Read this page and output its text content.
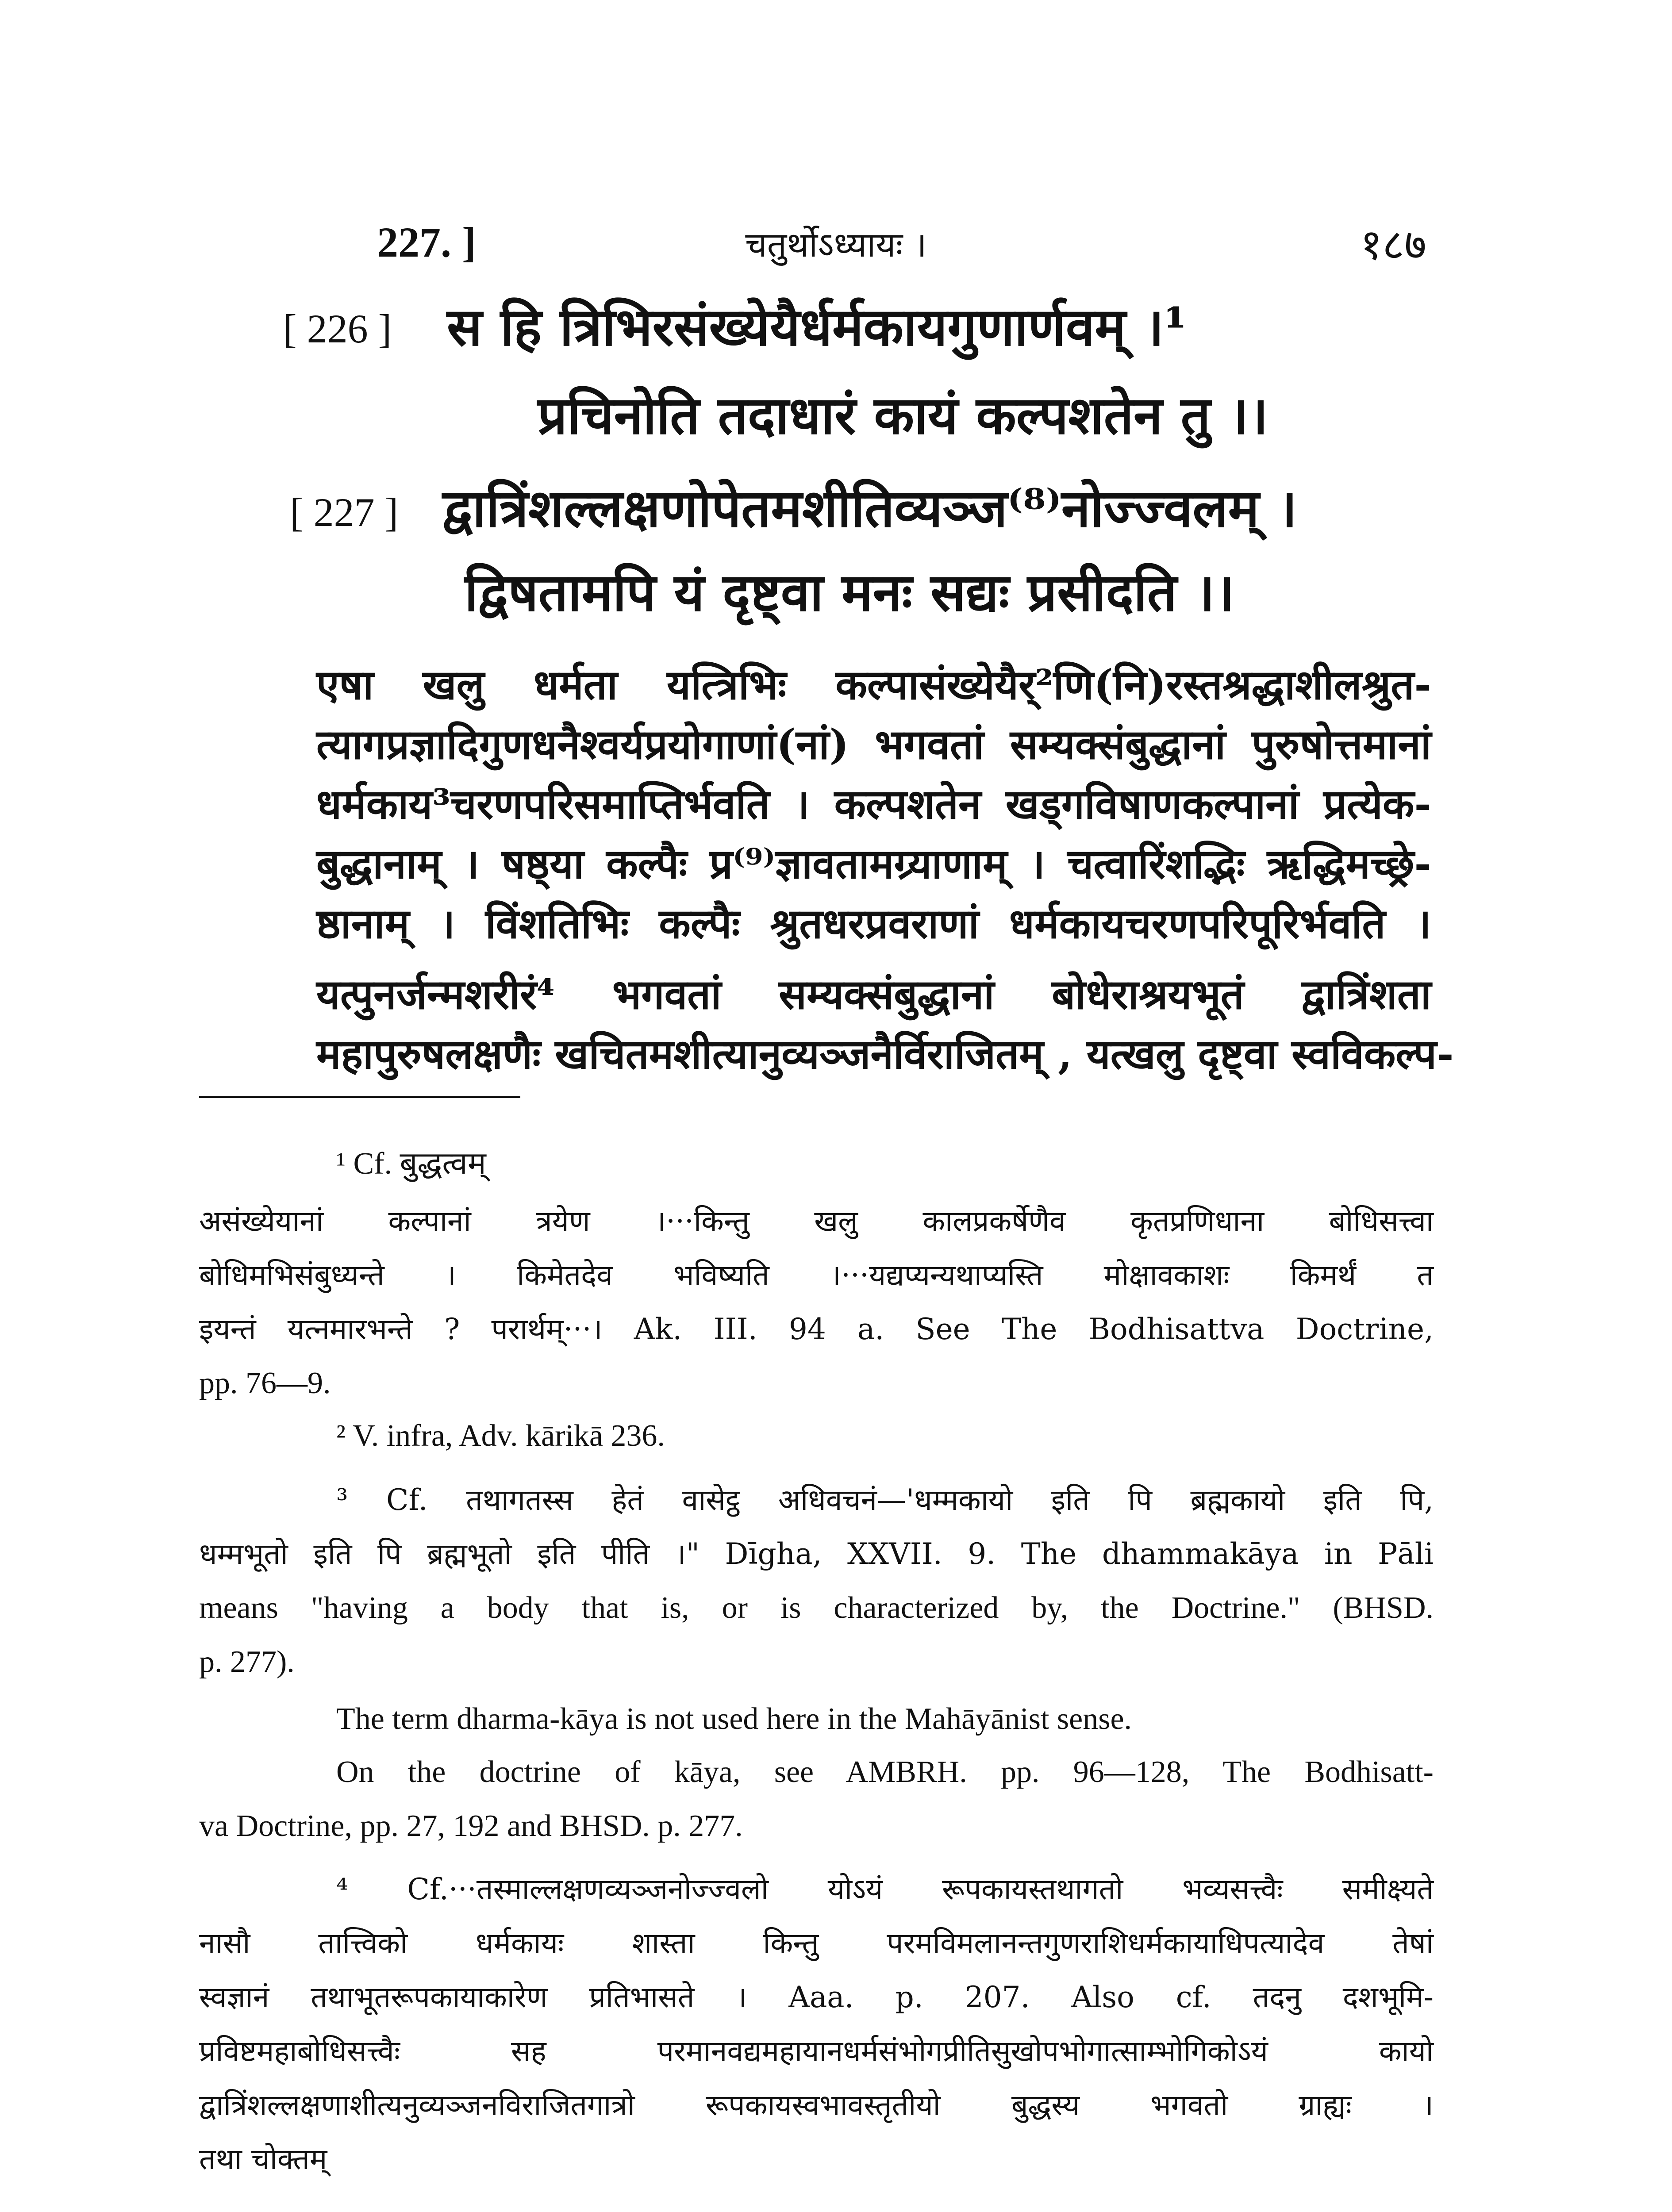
227. ]	चतुर्थोऽध्यायः ।	१८७
[ 226 ] स हि त्रिभिरसंख्येयैर्धर्मकायगुणार्णवम् ।¹
प्रचिनोति तदाधारं कायं कल्पशतेन तु ।।
[ 227 ] द्वात्रिंशल्लक्षणोपेतमशीतिव्यञ्ज⁽⁸⁾नोज्ज्वलम् ।
द्विषतामपि यं दृष्ट्वा मनः सद्यः प्रसीदति ।।
एषा खलु धर्मता यत्त्रिभिः कल्पासंख्येयैर्²णि(नि)रस्तश्रद्धाशीलश्रुत-
त्यागप्रज्ञादिगुणधनैश्वर्यप्रयोगाणां(नां) भगवतां सम्यक्संबुद्धानां पुरुषोत्तमानां
धर्मकाय³चरणपरिसमाप्तिर्भवति । कल्पशतेन खड्गविषाणकल्पानां प्रत्येक-
बुद्धानाम् । षष्ठ्या कल्पैः प्र⁽⁹⁾ज्ञावतामग्र्याणाम् । चत्वारिंशद्भिः ऋद्धिमच्छ्रे-
ष्ठानाम् । विंशतिभिः कल्पैः श्रुतधरप्रवराणां धर्मकायचरणपरिपूरिर्भवति ।
यत्पुनर्जन्मशरीरं⁴ भगवतां सम्यक्संबुद्धानां बोधेराश्रयभूतं द्वात्रिंशता
महापुरुषलक्षणैः खचितमशीत्यानुव्यञ्जनैर्विराजितम् , यत्खलु दृष्ट्वा स्वविकल्प-
¹ Cf. बुद्धत्वम्
असंख्येयानां कल्पानां त्रयेण ।···किन्तु खलु कालप्रकर्षेणैव कृतप्रणिधाना बोधिसत्त्वा
बोधिमभिसंबुध्यन्ते । किमेतदेव भविष्यति ।···यद्यप्यन्यथाप्यस्ति मोक्षावकाशः किमर्थं त
इयन्तं यत्नमारभन्ते ? परार्थम्···। Ak. III. 94 a. See The Bodhisattva Doctrine,
pp. 76—9.
² V. infra, Adv. kārikā 236.
³ Cf. तथागतस्स हेतं वासेट्ठ अधिवचनं—'धम्मकायो इति पि ब्रह्मकायो इति पि,
धम्मभूतो इति पि ब्रह्मभूतो इति पीति ।" Dīgha, XXVII. 9. The dhammakāya in Pāli
means "having a body that is, or is characterized by, the Doctrine." (BHSD.
p. 277).
The term dharma-kāya is not used here in the Mahāyānist sense.
On the doctrine of kāya, see AMBRH. pp. 96—128, The Bodhisatt-
va Doctrine, pp. 27, 192 and BHSD. p. 277.
⁴ Cf.···तस्माल्लक्षणव्यञ्जनोज्ज्वलो योऽयं रूपकायस्तथागतो भव्यसत्त्वैः समीक्ष्यते
नासौ तात्त्विको धर्मकायः शास्ता किन्तु परमविमलानन्तगुणराशिधर्मकायाधिपत्यादेव तेषां
स्वज्ञानं तथाभूतरूपकायाकारेण प्रतिभासते । Aaa. p. 207. Also cf. तदनु दशभूमि-
प्रविष्टमहाबोधिसत्त्वैः सह परमानवद्यमहायानधर्मसंभोगप्रीतिसुखोपभोगात्साम्भोगिकोऽयं कायो
द्वात्रिंशल्लक्षणाशीत्यनुव्यञ्जनविराजितगात्रो रूपकायस्वभावस्तृतीयो बुद्धस्य भगवतो ग्राह्यः ।
तथा चोक्तम्
